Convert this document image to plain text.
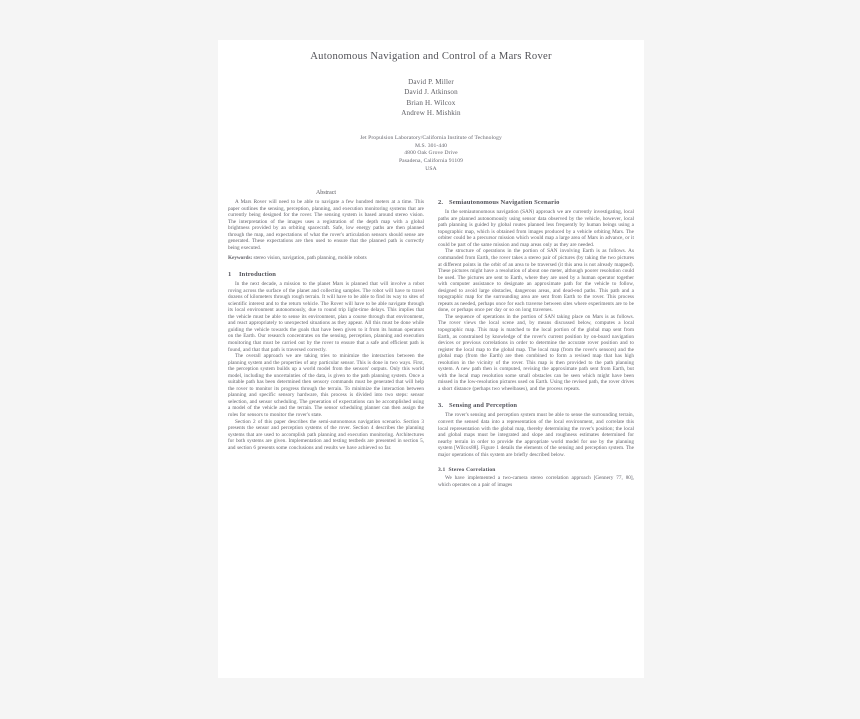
Autonomous Navigation and Control of a Mars Rover
David P. Miller
David J. Atkinson
Brian H. Wilcox
Andrew H. Mishkin
Jet Propulsion Laboratory/California Institute of Technology
M.S. 301-440
4800 Oak Grove Drive
Pasadena, California 91109
USA
Abstract

A Mars Rover will need to be able to navigate a few hundred meters at a time. This paper outlines the sensing, perception, planning, and execution monitoring systems that are currently being designed for the rover. The sensing system is based around stereo vision. The interpretation of the images uses a registration of the depth map with a global brightness provided by an orbiting spacecraft. Safe, low energy paths are then planned through the map, and expectations of what the rover's articulation sensors should sense are generated. These expectations are then used to ensure that the planned path is correctly being executed.

Keywords: stereo vision, navigation, path planning, mobile robots

1 Introduction

In the next decade, a mission to the planet Mars is planned that will involve a robot roving across the surface of the planet and collecting samples. The robot will have to travel dozens of kilometers through rough terrain. It will have to be able to find its way to sites of scientific interest and to the return vehicle. The Rover will have to be able navigate through its local environment autonomously, due to round trip light-time delays. This implies that the vehicle must be able to sense its environment, plan a course through that environment, and react appropriately to unexpected situations as they appear. All this must be done while guiding the vehicle towards the goals that have been given to it from its human operators on the Earth. Our research concentrates on the sensing, perception, planning and execution monitoring that must be carried out by the rover to ensure that a safe and efficient path is found, and that that path is traversed correctly.

The overall approach we are taking tries to minimize the interaction between the planning system and the properties of any particular sensor. This is done in two ways. First, the perception system builds up a world model from the sensors' outputs. Only this world model, including the uncertainties of the data, is given to the path planning system. Once a suitable path has been determined then sensory commands must be generated that will help the rover to monitor its progress through the terrain. To minimize the interaction between planning and specific sensory hardware, this process is divided into two steps: sensor selection, and sensor scheduling. The generation of expectations can be accomplished using a model of the vehicle and the terrain. The sensor scheduling planner can then assign the roles for sensors to monitor the rover's state.

Section 2 of this paper describes the semi-autonomous navigation scenario. Section 3 presents the sensor and perception systems of the rover. Section 4 describes the planning systems that are used to accomplish path planning and execution monitoring. Architectures for both systems are given. Implementation and testing testbeds are presented in section 5, and section 6 presents some conclusions and results we have achieved so far.

2. Semiautonomous Navigation Scenario

In the semiautonomous navigation (SAN) approach we are currently investigating, local paths are planned autonomously using sensor data observed by the vehicle, however, local path planning is guided by global routes planned less frequently by human beings using a topographic map, which is obtained from images produced by a vehicle orbiting Mars. The orbiter could be a precursor mission which would map a large area of Mars in advance, or it could be part of the same mission and map areas only as they are needed.

The structure of operations in the portion of SAN involving Earth is as follows. As commanded from Earth, the rover takes a stereo pair of pictures (by taking the two pictures at different points in the orbit of an area to be traversed (it this area is not already mapped). These pictures might have a resolution of about one meter, although poorer resolution could be used. The pictures are sent to Earth, where they are used by a human operator together with computer assistance to designate an approximate path for the vehicle to follow, designed to avoid large obstacles, dangerous areas, and dead-end paths. This path and a topographic map for the surrounding area are sent from Earth to the rover. This process repeats as needed, perhaps once for each traverse between sites where experiments are to be done, or perhaps once per day or so on long traverses.

The sequence of operations in the portion of SAN taking place on Mars is as follows. The rover views the local scene and, by means discussed below, computes a local topographic map. This map is matched to the local portion of the global map sent from Earth, as constrained by knowledge of the rover's current position by on-board navigation devices or previous correlations in order to determine the accurate rover position and to register the local map to the global map. The local map (from the rover's sensors) and the global map (from the Earth) are then combined to form a revised map that has high resolution in the vicinity of the rover. This map is then provided to the path planning system. A new path then is computed, revising the approximate path sent from Earth, but with the local map resolution some small obstacles can be seen which might have been missed in the low-resolution pictures used on Earth. Using the revised path, the rover drives a short distance (perhaps two wheelbases), and the process repeats.

3. Sensing and Perception

The rover's sensing and perception system must be able to sense the surrounding terrain, convert the sensed data into a representation of the local environment, and correlate this local representation with the global map, thereby determining the rover's position; the local and global maps must be integrated and slope and roughness estimates determined for nearby terrain in order to provide the appropriate world model for use by the planning system [Wilcox88]. Figure 1 details the elements of the sensing and perception system. The major operations of this system are briefly described below.

3.1 Stereo Correlation

We have implemented a two-camera stereo correlation approach [Gennery 77, 80], which operates on a pair of images
